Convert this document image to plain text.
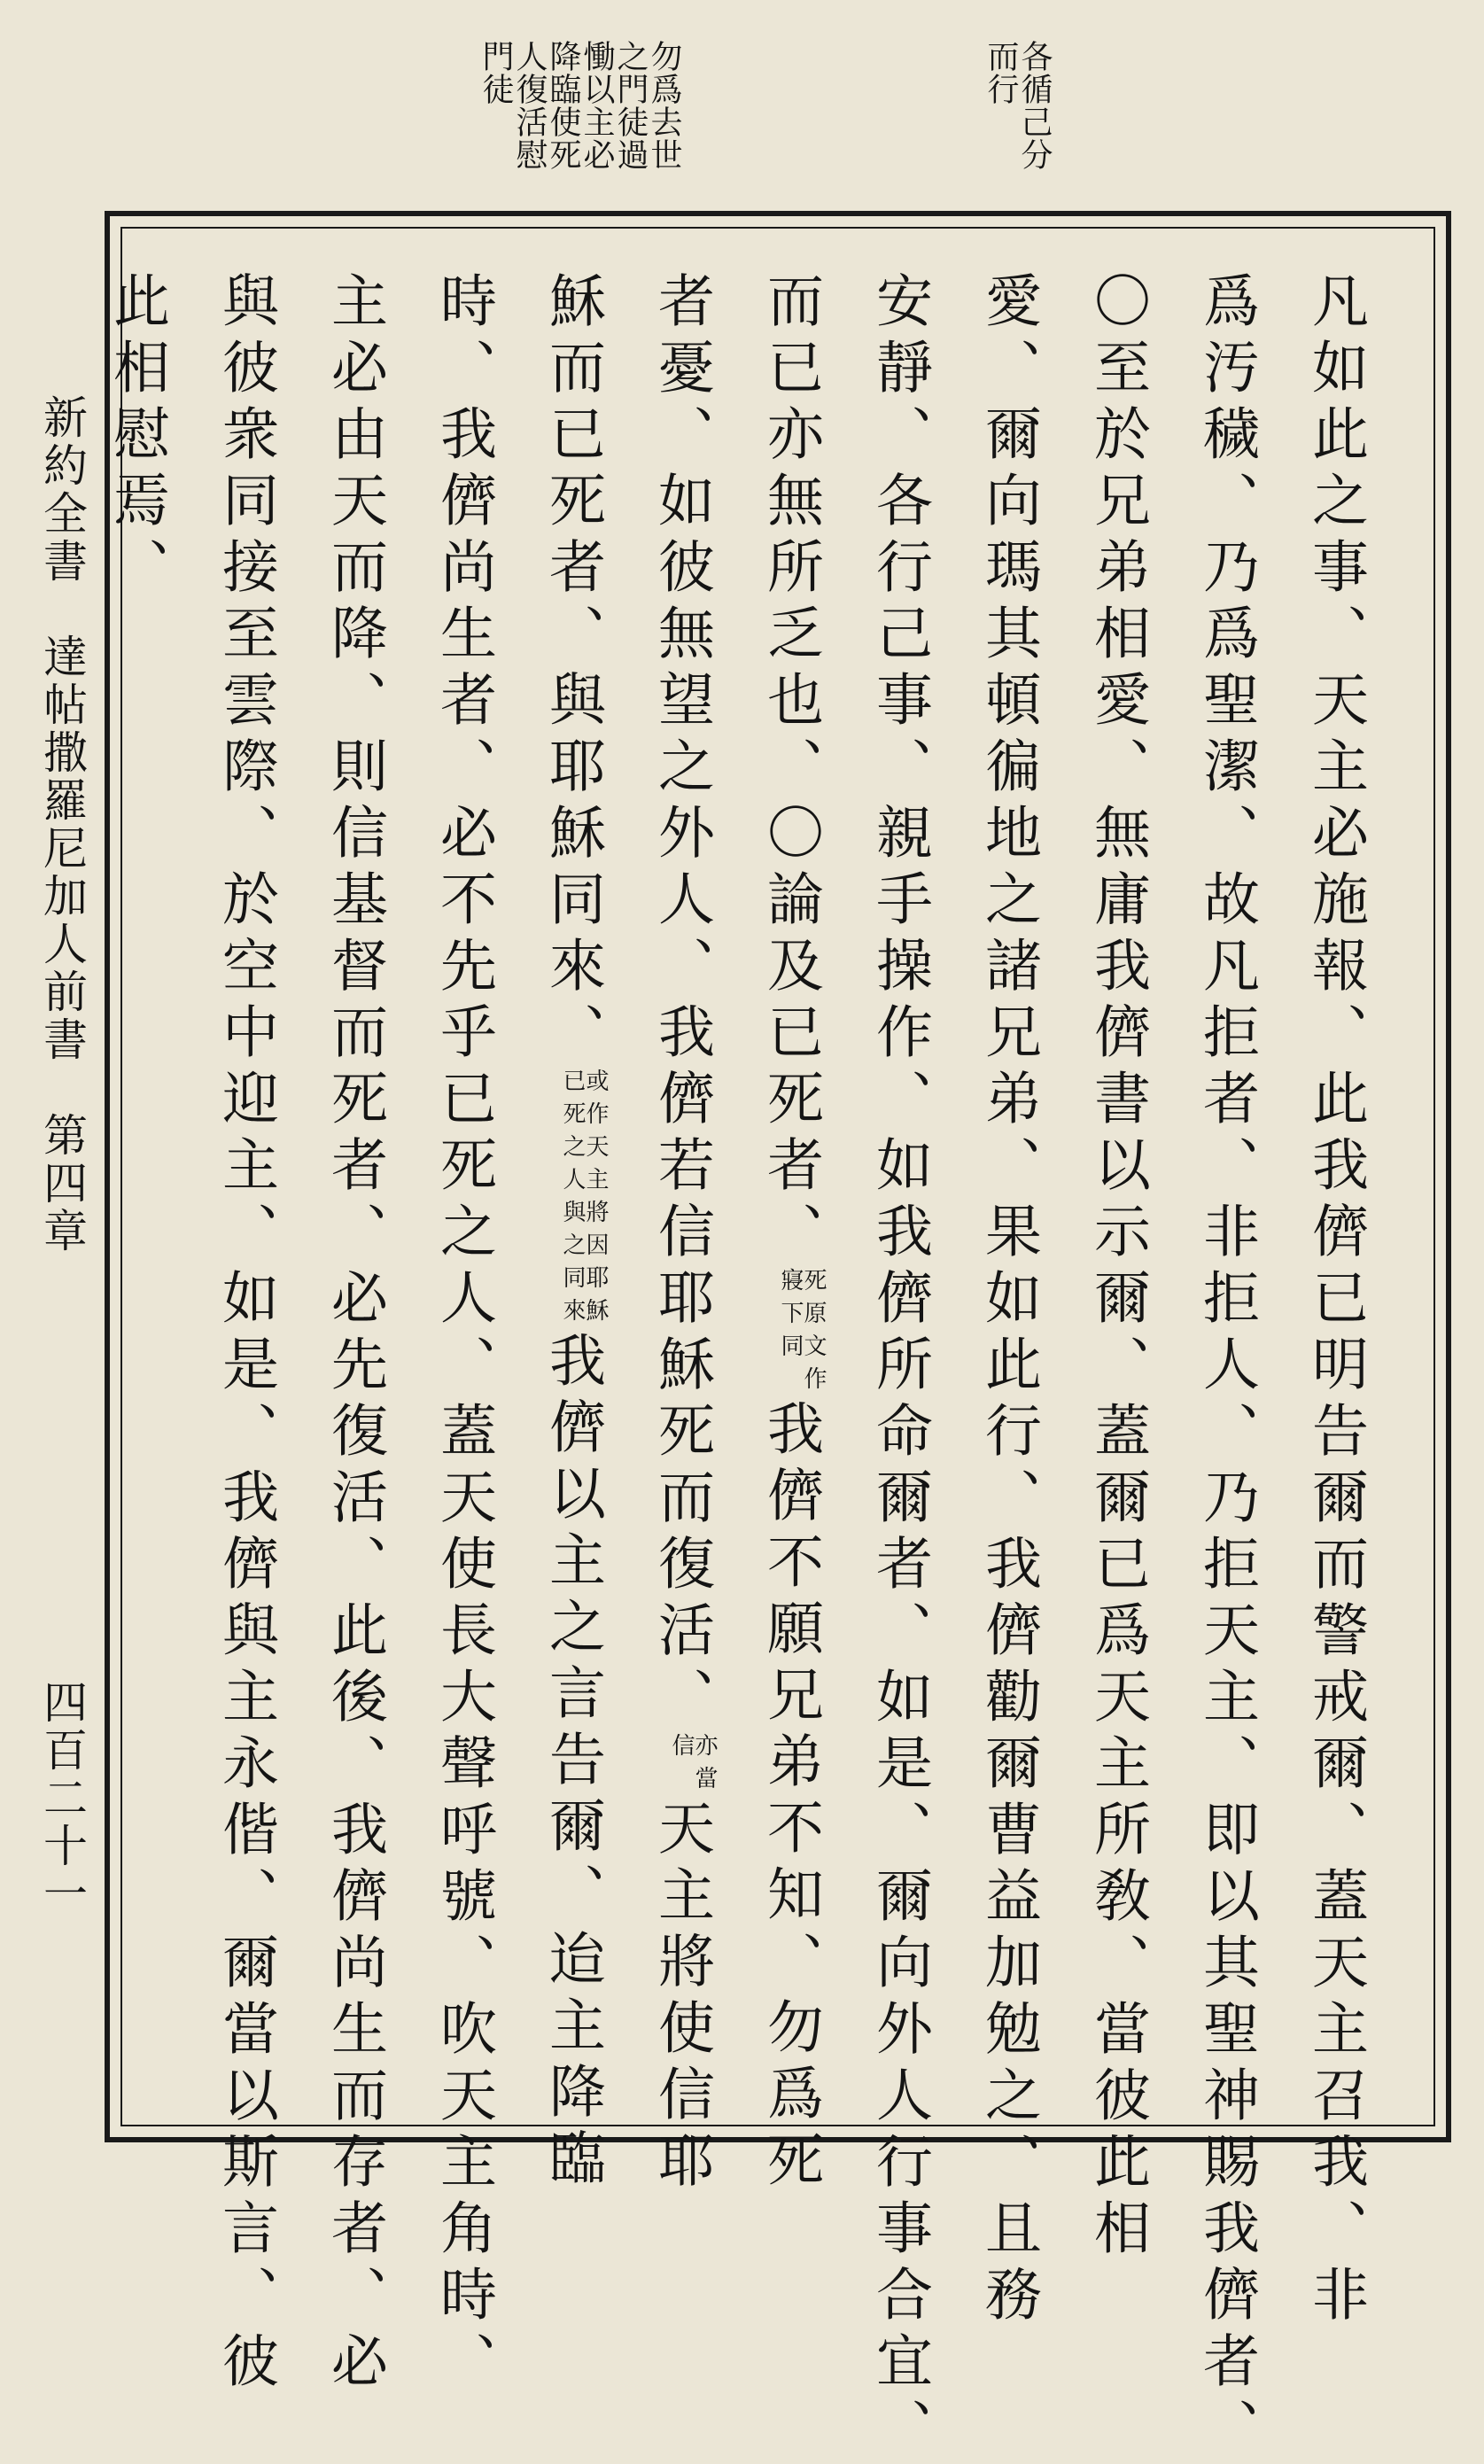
勿爲去世之門徒過慟以主必降臨使死人復活慰門徒	各循己分而行
凡如此之事、天主必施報、此我儕已明告爾而警戒爾、蓋天主召我、非
爲汚穢、乃爲聖潔、故凡拒者、非拒人、乃拒天主、即以其聖神賜我儕者、
〇至於兄弟相愛、無庸我儕書以示爾、蓋爾已爲天主所敎、當彼此相
愛、爾向瑪其頓徧地之諸兄弟、果如此行、我儕勸爾曹益加勉之、且務
安靜、各行己事、親手操作、如我儕所命爾者、如是、爾向外人行事合宜、
而已亦無所乏也、〇論及已死者、死原文作
寢下同我儕不願兄弟不知、勿爲死
者憂、如彼無望之外人、我儕若信耶穌死而復活、亦當
信天主將使信耶
穌而已死者、與耶穌同來、或作天主將因耶穌
已死之人與之同來我儕以主之言告爾、迨主降臨
時、我儕尚生者、必不先乎已死之人、蓋天使長大聲呼號、吹天主角時、
主必由天而降、則信基督而死者、必先復活、此後、我儕尚生而存者、必
與彼衆同接至雲際、於空中迎主、如是、我儕與主永偕、爾當以斯言、彼
此相慰焉、
新約全書　達帖撒羅尼加人前書　第四章
四百二十一
